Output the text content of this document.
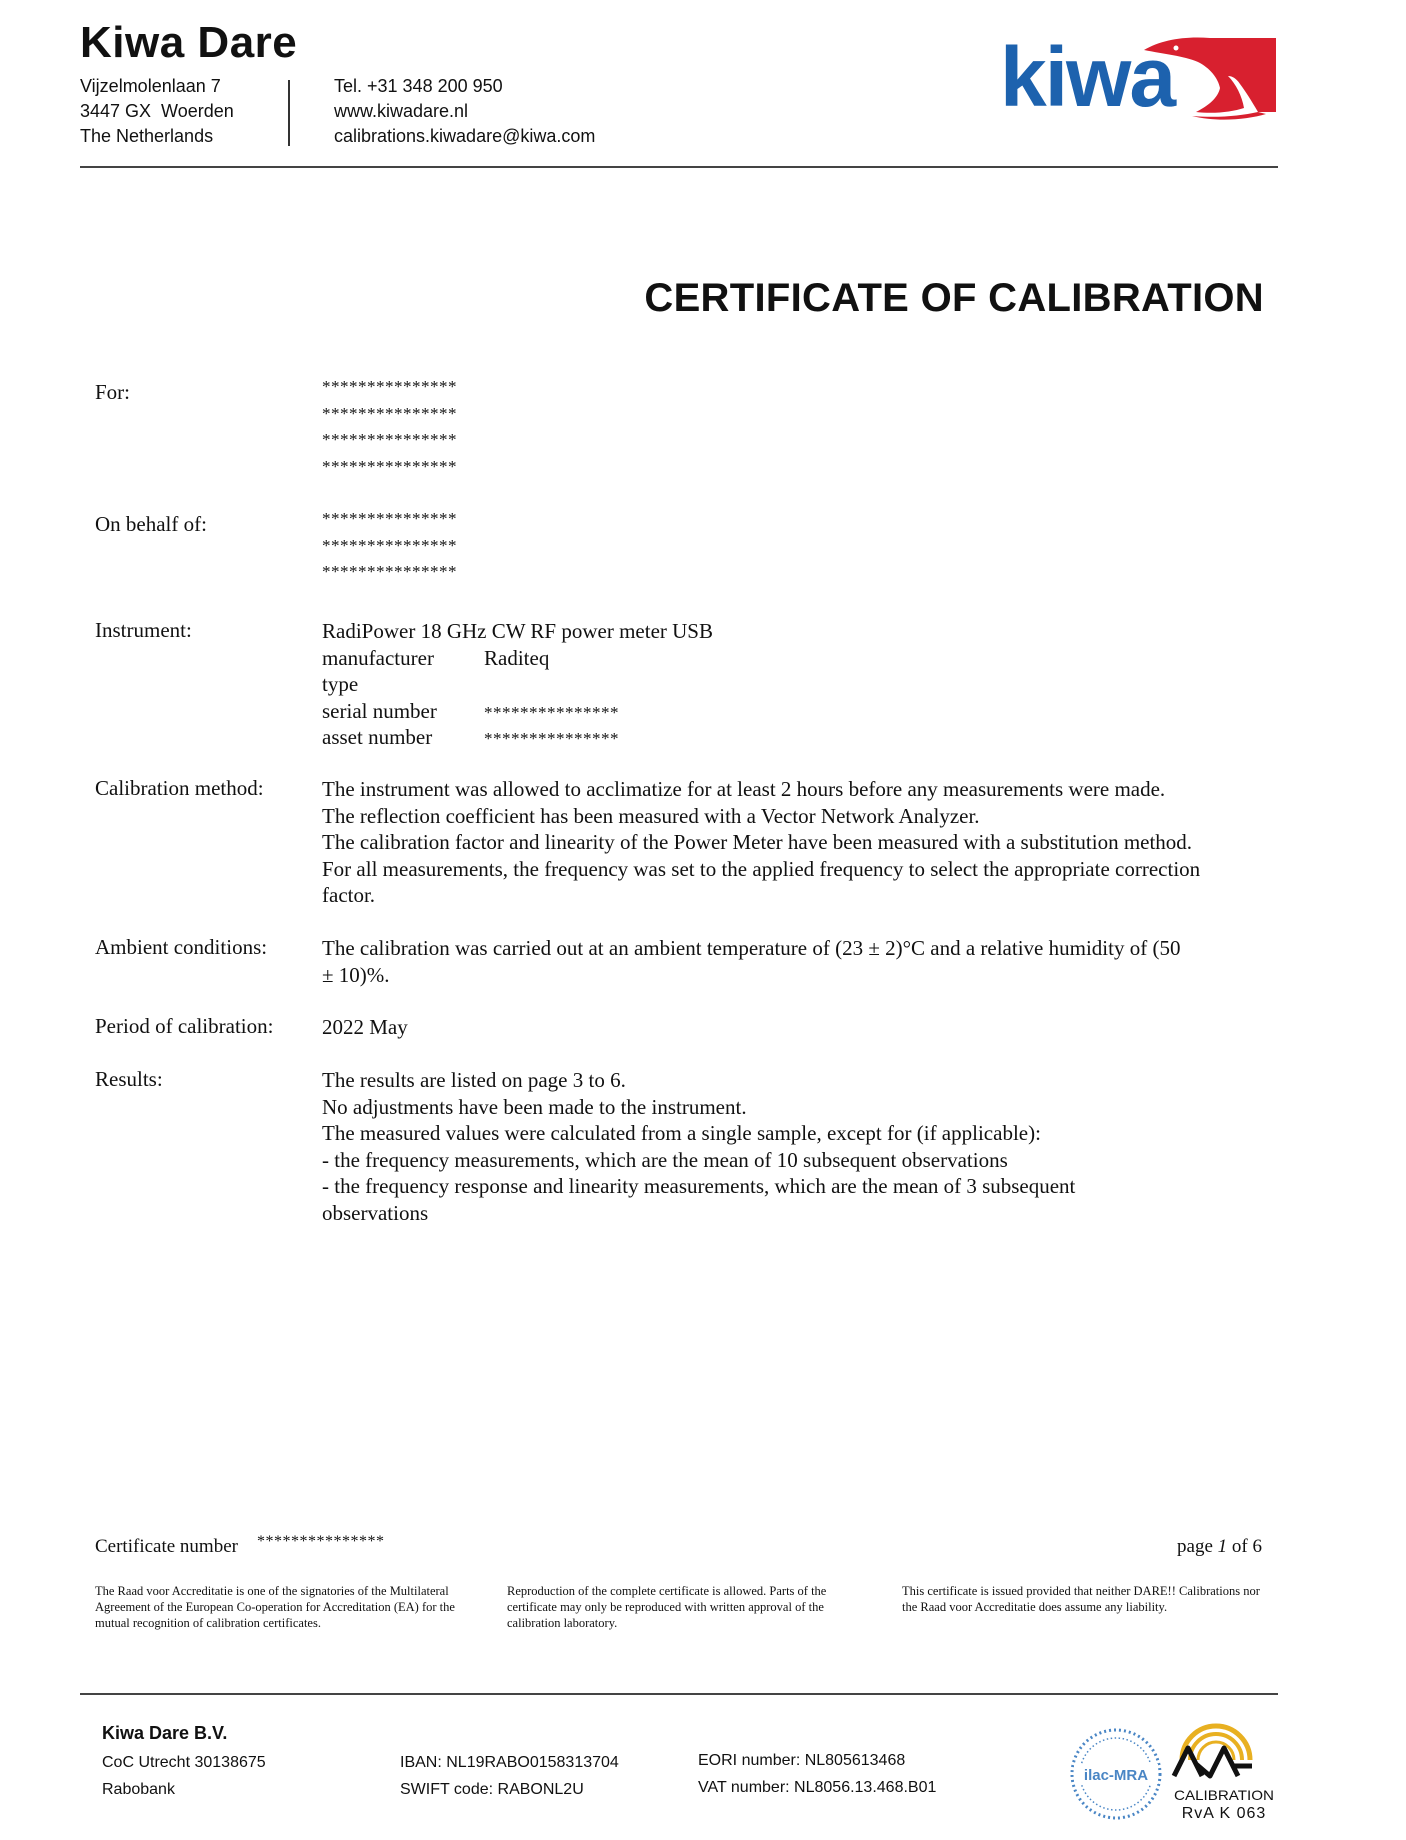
Kiwa Dare
Vijzelmolenlaan 7
3447 GX  Woerden
The Netherlands
Tel. +31 348 200 950
www.kiwadare.nl
calibrations.kiwadare@kiwa.com
kiwa
CERTIFICATE OF CALIBRATION
For:	***************
***************
***************
***************
On behalf of:	***************
***************
***************
Instrument:	RadiPower 18 GHz CW RF power meter USB
manufacturer Raditeq
type
serial number	***************
asset number	***************
Calibration method:	The instrument was allowed to acclimatize for at least 2 hours before any measurements were made.
The reflection coefficient has been measured with a Vector Network Analyzer.
The calibration factor and linearity of the Power Meter have been measured with a substitution method.
For all measurements, the frequency was set to the applied frequency to select the appropriate correction
factor.
Ambient conditions:	The calibration was carried out at an ambient temperature of (23 ± 2)°C and a relative humidity of (50
± 10)%.
Period of calibration: 2022 May
Results:	The results are listed on page 3 to 6.
No adjustments have been made to the instrument.
The measured values were calculated from a single sample, except for (if applicable):
- the frequency measurements, which are the mean of 10 subsequent observations
- the frequency response and linearity measurements, which are the mean of 3 subsequent
observations
Certificate number ***************	page 1 of 6
The Raad voor Accreditatie is one of the signatories of the Multilateral Agreement of the European Co-operation for Accreditation (EA) for the mutual recognition of calibration certificates.
Reproduction of the complete certificate is allowed. Parts of the certificate may only be reproduced with written approval of the calibration laboratory.
This certificate is issued provided that neither DARE!! Calibrations nor the Raad voor Accreditatie does assume any liability.
Kiwa Dare B.V.
CoC Utrecht 30138675
Rabobank
IBAN: NL19RABO0158313704
SWIFT code: RABONL2U
EORI number: NL805613468
VAT number: NL8056.13.468.B01
ilac-MRA
CALIBRATION
RvA K 063
